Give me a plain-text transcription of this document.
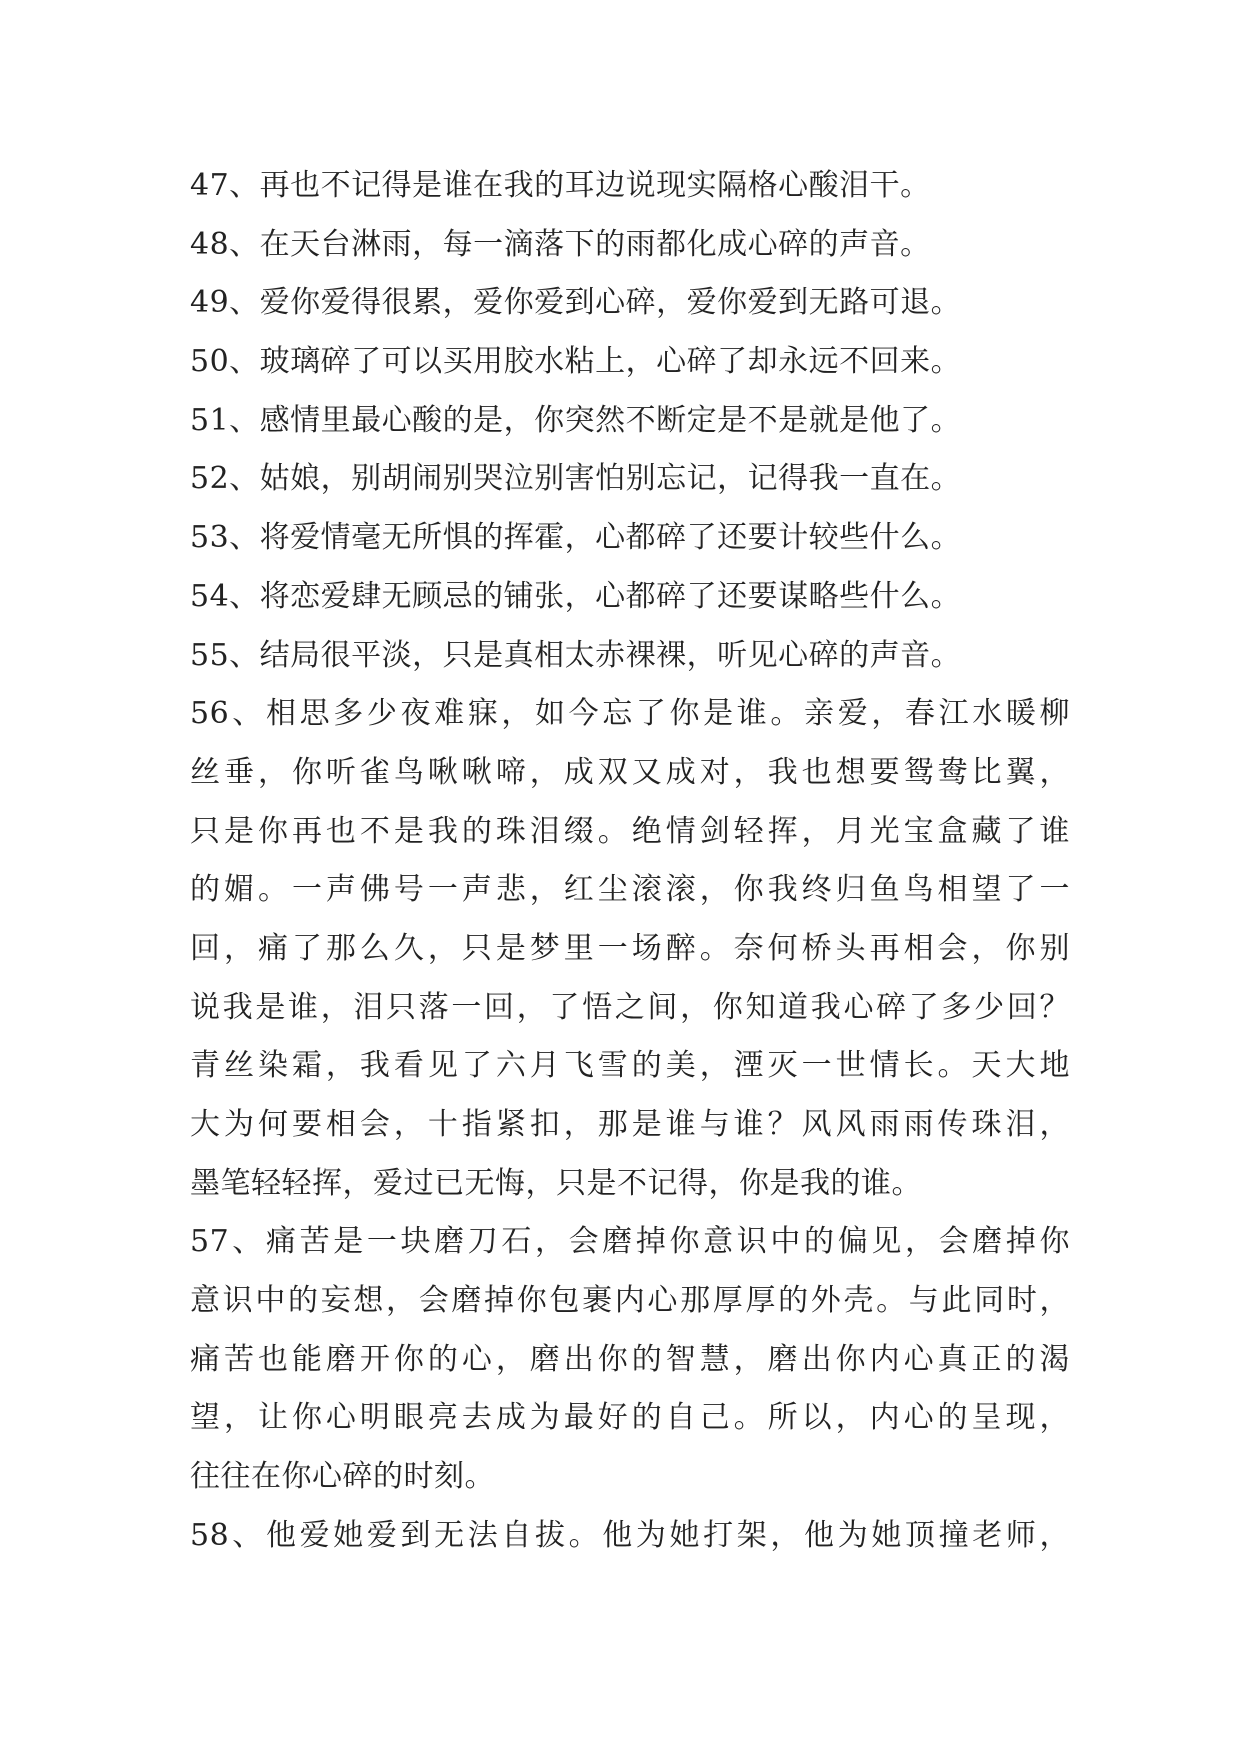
47、再也不记得是谁在我的耳边说现实隔格心酸泪干。
48、在天台淋雨，每一滴落下的雨都化成心碎的声音。
49、爱你爱得很累，爱你爱到心碎，爱你爱到无路可退。
50、玻璃碎了可以买用胶水粘上，心碎了却永远不回来。
51、感情里最心酸的是，你突然不断定是不是就是他了。
52、姑娘，别胡闹别哭泣别害怕别忘记，记得我一直在。
53、将爱情毫无所惧的挥霍，心都碎了还要计较些什么。
54、将恋爱肆无顾忌的铺张，心都碎了还要谋略些什么。
55、结局很平淡，只是真相太赤裸裸，听见心碎的声音。
56、相思多少夜难寐，如今忘了你是谁。亲爱，春江水暖柳
丝垂，你听雀鸟啾啾啼，成双又成对，我也想要鸳鸯比翼，
只是你再也不是我的珠泪缀。绝情剑轻挥，月光宝盒藏了谁
的媚。一声佛号一声悲，红尘滚滚，你我终归鱼鸟相望了一
回，痛了那么久，只是梦里一场醉。奈何桥头再相会，你别
说我是谁，泪只落一回，了悟之间，你知道我心碎了多少回？
青丝染霜，我看见了六月飞雪的美，湮灭一世情长。天大地
大为何要相会，十指紧扣，那是谁与谁？风风雨雨传珠泪，
墨笔轻轻挥，爱过已无悔，只是不记得，你是我的谁。
57、痛苦是一块磨刀石，会磨掉你意识中的偏见，会磨掉你
意识中的妄想，会磨掉你包裹内心那厚厚的外壳。与此同时，
痛苦也能磨开你的心，磨出你的智慧，磨出你内心真正的渴
望，让你心明眼亮去成为最好的自己。所以，内心的呈现，
往往在你心碎的时刻。
58、他爱她爱到无法自拔。他为她打架，他为她顶撞老师，
